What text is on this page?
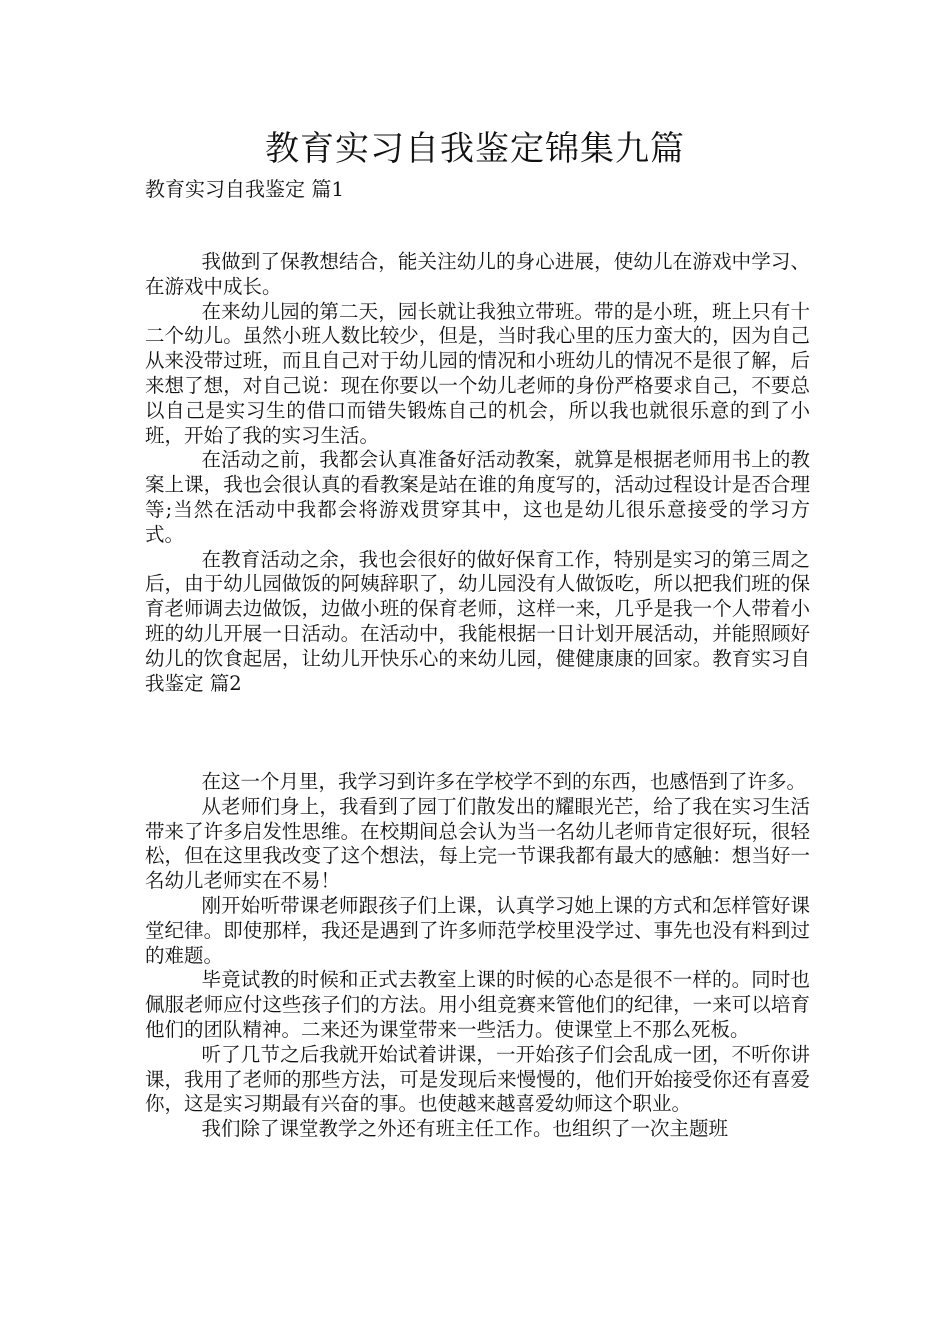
教育实习自我鉴定锦集九篇
教育实习自我鉴定 篇1

我做到了保教想结合，能关注幼儿的身心进展，使幼儿在游戏中学习、在游戏中成长。

在来幼儿园的第二天，园长就让我独立带班。带的是小班，班上只有十二个幼儿。虽然小班人数比较少，但是，当时我心里的压力蛮大的，因为自己从来没带过班，而且自己对于幼儿园的情况和小班幼儿的情况不是很了解，后来想了想，对自己说：现在你要以一个幼儿老师的身份严格要求自己，不要总以自己是实习生的借口而错失锻炼自己的机会，所以我也就很乐意的到了小班，开始了我的实习生活。

在活动之前，我都会认真准备好活动教案，就算是根据老师用书上的教案上课，我也会很认真的看教案是站在谁的角度写的，活动过程设计是否合理等;当然在活动中我都会将游戏贯穿其中，这也是幼儿很乐意接受的学习方式。

在教育活动之余，我也会很好的做好保育工作，特别是实习的第三周之后，由于幼儿园做饭的阿姨辞职了，幼儿园没有人做饭吃，所以把我们班的保育老师调去边做饭，边做小班的保育老师，这样一来，几乎是我一个人带着小班的幼儿开展一日活动。在活动中，我能根据一日计划开展活动，并能照顾好幼儿的饮食起居，让幼儿开快乐心的来幼儿园，健健康康的回家。教育实习自我鉴定 篇2

在这一个月里，我学习到许多在学校学不到的东西，也感悟到了许多。

从老师们身上，我看到了园丁们散发出的耀眼光芒，给了我在实习生活带来了许多启发性思维。在校期间总会认为当一名幼儿老师肯定很好玩，很轻松，但在这里我改变了这个想法，每上完一节课我都有最大的感触：想当好一名幼儿老师实在不易！

刚开始听带课老师跟孩子们上课，认真学习她上课的方式和怎样管好课堂纪律。即使那样，我还是遇到了许多师范学校里没学过、事先也没有料到过的难题。

毕竟试教的时候和正式去教室上课的时候的心态是很不一样的。同时也佩服老师应付这些孩子们的方法。用小组竞赛来管他们的纪律，一来可以培育他们的团队精神。二来还为课堂带来一些活力。使课堂上不那么死板。

听了几节之后我就开始试着讲课，一开始孩子们会乱成一团，不听你讲课，我用了老师的那些方法，可是发现后来慢慢的，他们开始接受你还有喜爱你，这是实习期最有兴奋的事。也使越来越喜爱幼师这个职业。

我们除了课堂教学之外还有班主任工作。也组织了一次主题班
